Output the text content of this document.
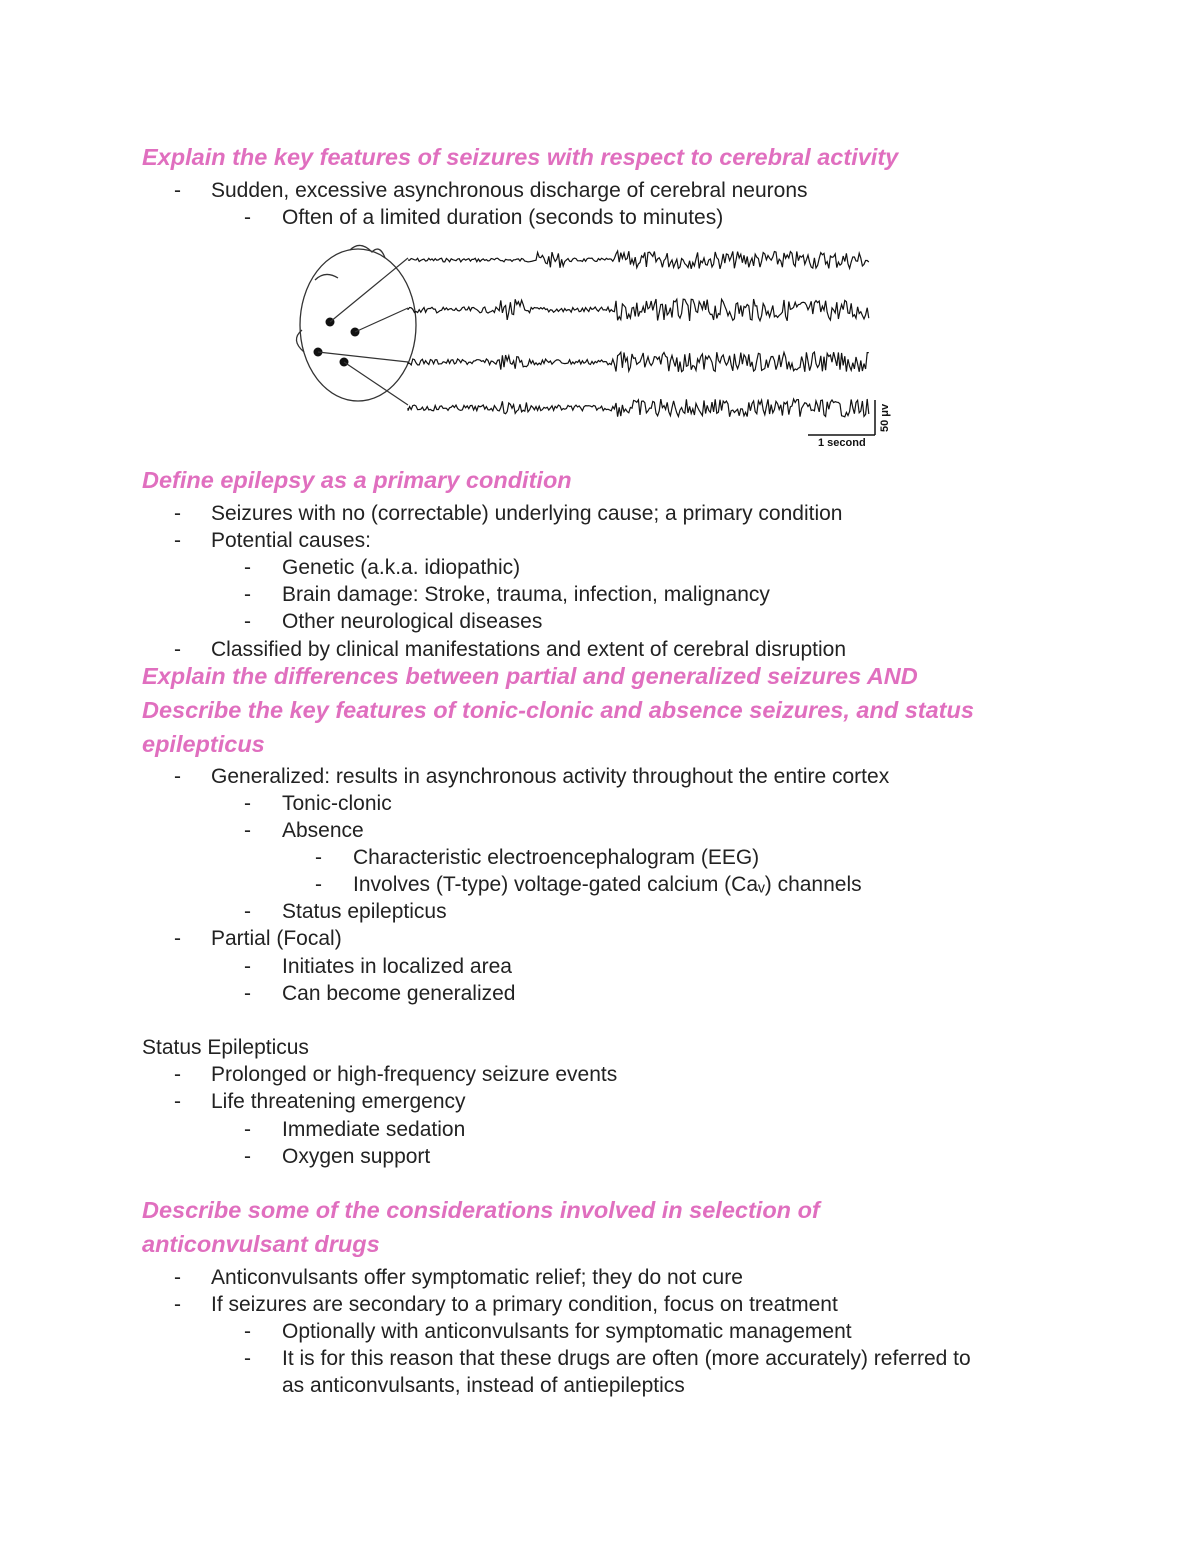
Explain the key features of seizures with respect to cerebral activity
- Sudden, excessive asynchronous discharge of cerebral neurons
- Often of a limited duration (seconds to minutes)
50 μv
1 second
Define epilepsy as a primary condition
- Seizures with no (correctable) underlying cause; a primary condition
- Potential causes:
- Genetic (a.k.a. idiopathic)
- Brain damage: Stroke, trauma, infection, malignancy
- Other neurological diseases
- Classified by clinical manifestations and extent of cerebral disruption
Explain the differences between partial and generalized seizures AND
Describe the key features of tonic-clonic and absence seizures, and status
epilepticus
- Generalized: results in asynchronous activity throughout the entire cortex
- Tonic-clonic
- Absence
- Characteristic electroencephalogram (EEG)
- Involves (T-type) voltage-gated calcium (Caᵥ) channels
- Status epilepticus
- Partial (Focal)
- Initiates in localized area
- Can become generalized
Status Epilepticus
- Prolonged or high-frequency seizure events
- Life threatening emergency
- Immediate sedation
- Oxygen support
Describe some of the considerations involved in selection of
anticonvulsant drugs
- Anticonvulsants offer symptomatic relief; they do not cure
- If seizures are secondary to a primary condition, focus on treatment
- Optionally with anticonvulsants for symptomatic management
- It is for this reason that these drugs are often (more accurately) referred to
as anticonvulsants, instead of antiepileptics
